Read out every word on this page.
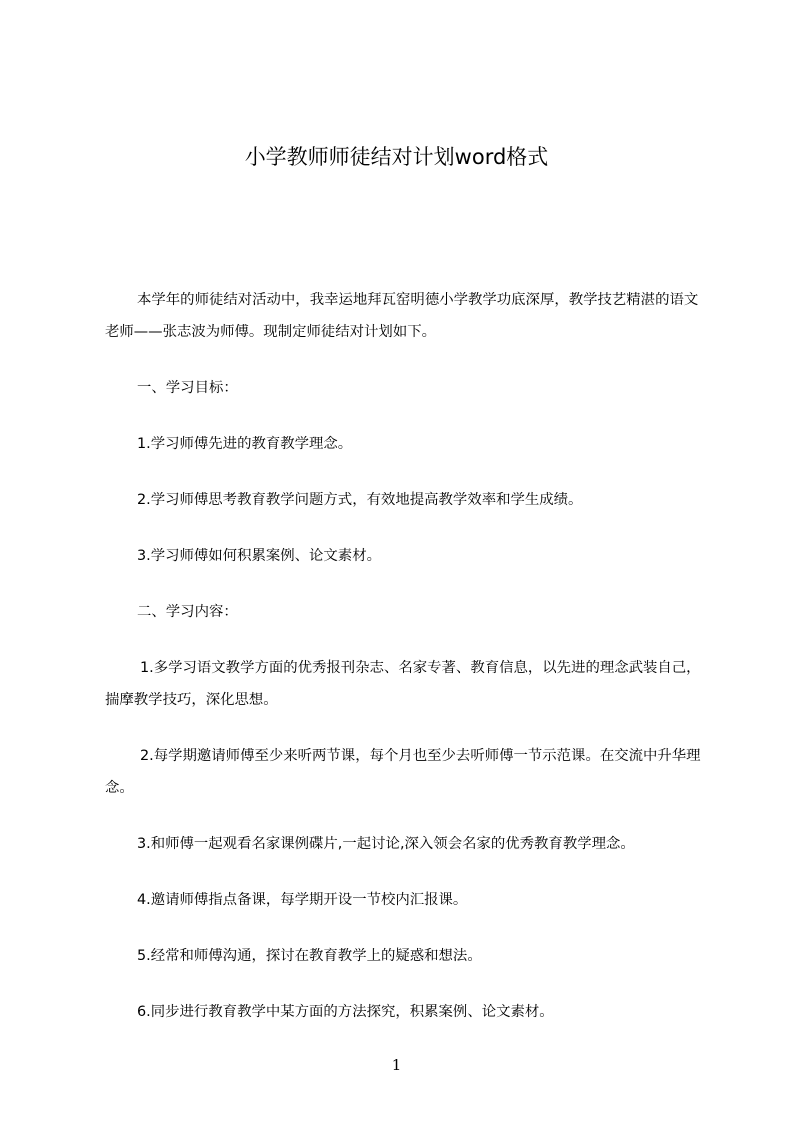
小学教师师徒结对计划word格式

本学年的师徒结对活动中，我幸运地拜瓦窑明德小学教学功底深厚，教学技艺精湛的语文老师——张志波为师傅。现制定师徒结对计划如下。

一、学习目标：

1.学习师傅先进的教育教学理念。

2.学习师傅思考教育教学问题方式，有效地提高教学效率和学生成绩。

3.学习师傅如何积累案例、论文素材。

二、学习内容：

1.多学习语文教学方面的优秀报刊杂志、名家专著、教育信息，以先进的理念武装自己，揣摩教学技巧，深化思想。

2.每学期邀请师傅至少来听两节课，每个月也至少去听师傅一节示范课。在交流中升华理念。

3.和师傅一起观看名家课例碟片,一起讨论,深入领会名家的优秀教育教学理念。

4.邀请师傅指点备课，每学期开设一节校内汇报课。

5.经常和师傅沟通，探讨在教育教学上的疑惑和想法。

6.同步进行教育教学中某方面的方法探究，积累案例、论文素材。

1
